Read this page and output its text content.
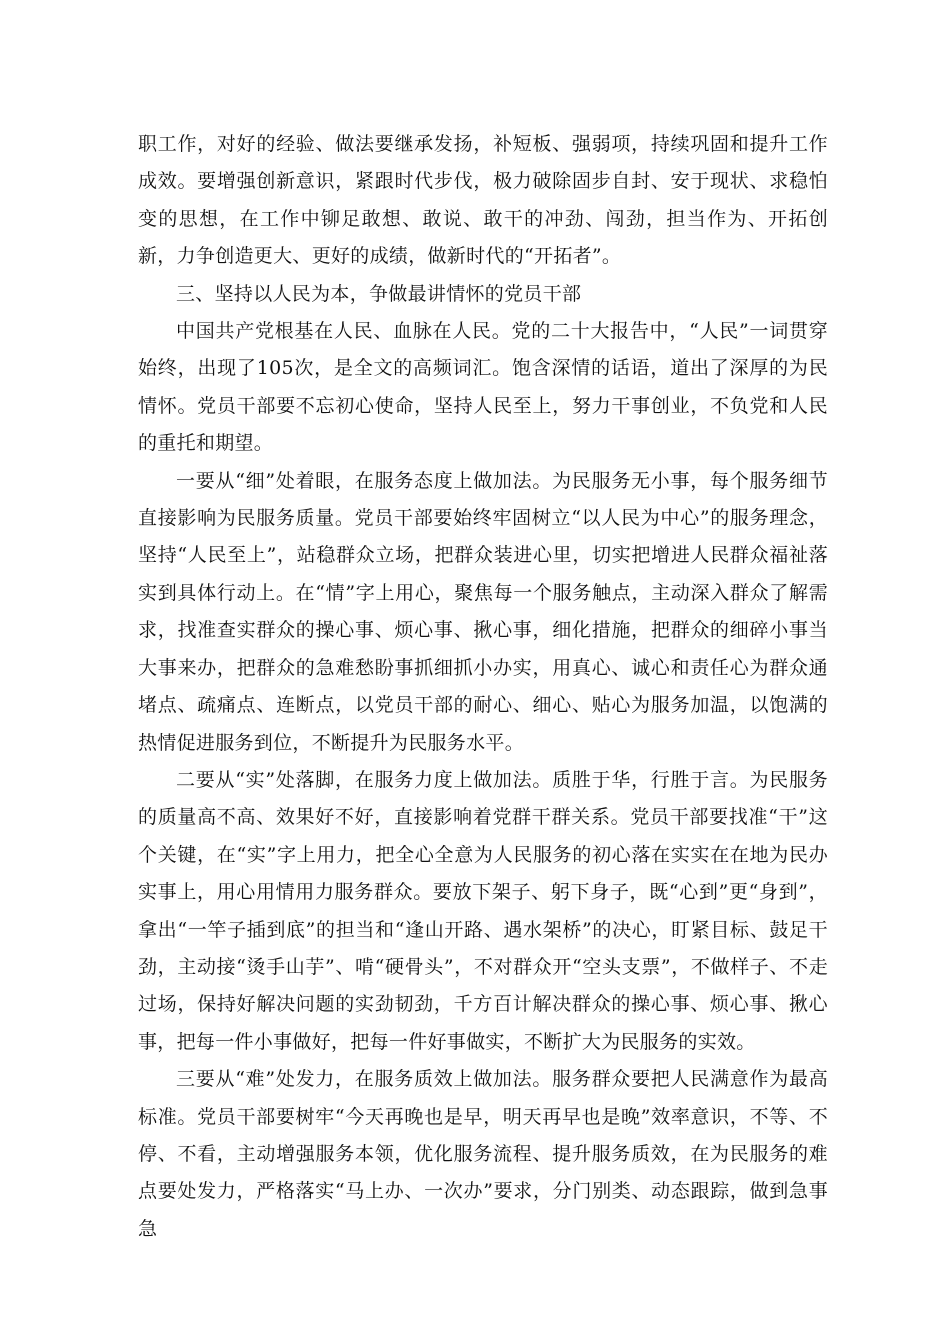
职工作，对好的经验、做法要继承发扬，补短板、强弱项，持续巩固和提升工作成效。要增强创新意识，紧跟时代步伐，极力破除固步自封、安于现状、求稳怕变的思想，在工作中铆足敢想、敢说、敢干的冲劲、闯劲，担当作为、开拓创新，力争创造更大、更好的成绩，做新时代的“开拓者”。

三、坚持以人民为本，争做最讲情怀的党员干部

中国共产党根基在人民、血脉在人民。党的二十大报告中，“人民”一词贯穿始终，出现了105次，是全文的高频词汇。饱含深情的话语，道出了深厚的为民情怀。党员干部要不忘初心使命，坚持人民至上，努力干事创业，不负党和人民的重托和期望。

一要从“细”处着眼，在服务态度上做加法。为民服务无小事，每个服务细节直接影响为民服务质量。党员干部要始终牢固树立“以人民为中心”的服务理念，坚持“人民至上”，站稳群众立场，把群众装进心里，切实把增进人民群众福祉落实到具体行动上。在“情”字上用心，聚焦每一个服务触点，主动深入群众了解需求，找准查实群众的操心事、烦心事、揪心事，细化措施，把群众的细碎小事当大事来办，把群众的急难愁盼事抓细抓小办实，用真心、诚心和责任心为群众通堵点、疏痛点、连断点，以党员干部的耐心、细心、贴心为服务加温，以饱满的热情促进服务到位，不断提升为民服务水平。

二要从“实”处落脚，在服务力度上做加法。质胜于华，行胜于言。为民服务的质量高不高、效果好不好，直接影响着党群干群关系。党员干部要找准“干”这个关键，在“实”字上用力，把全心全意为人民服务的初心落在实实在在地为民办实事上，用心用情用力服务群众。要放下架子、躬下身子，既“心到”更“身到”，拿出“一竿子插到底”的担当和“逢山开路、遇水架桥”的决心，盯紧目标、鼓足干劲，主动接“烫手山芋”、啃“硬骨头”，不对群众开“空头支票”，不做样子、不走过场，保持好解决问题的实劲韧劲，千方百计解决群众的操心事、烦心事、揪心事，把每一件小事做好，把每一件好事做实，不断扩大为民服务的实效。

三要从“难”处发力，在服务质效上做加法。服务群众要把人民满意作为最高标准。党员干部要树牢“今天再晚也是早，明天再早也是晚”效率意识，不等、不停、不看，主动增强服务本领，优化服务流程、提升服务质效，在为民服务的难点要处发力，严格落实“马上办、一次办”要求，分门别类、动态跟踪，做到急事急
